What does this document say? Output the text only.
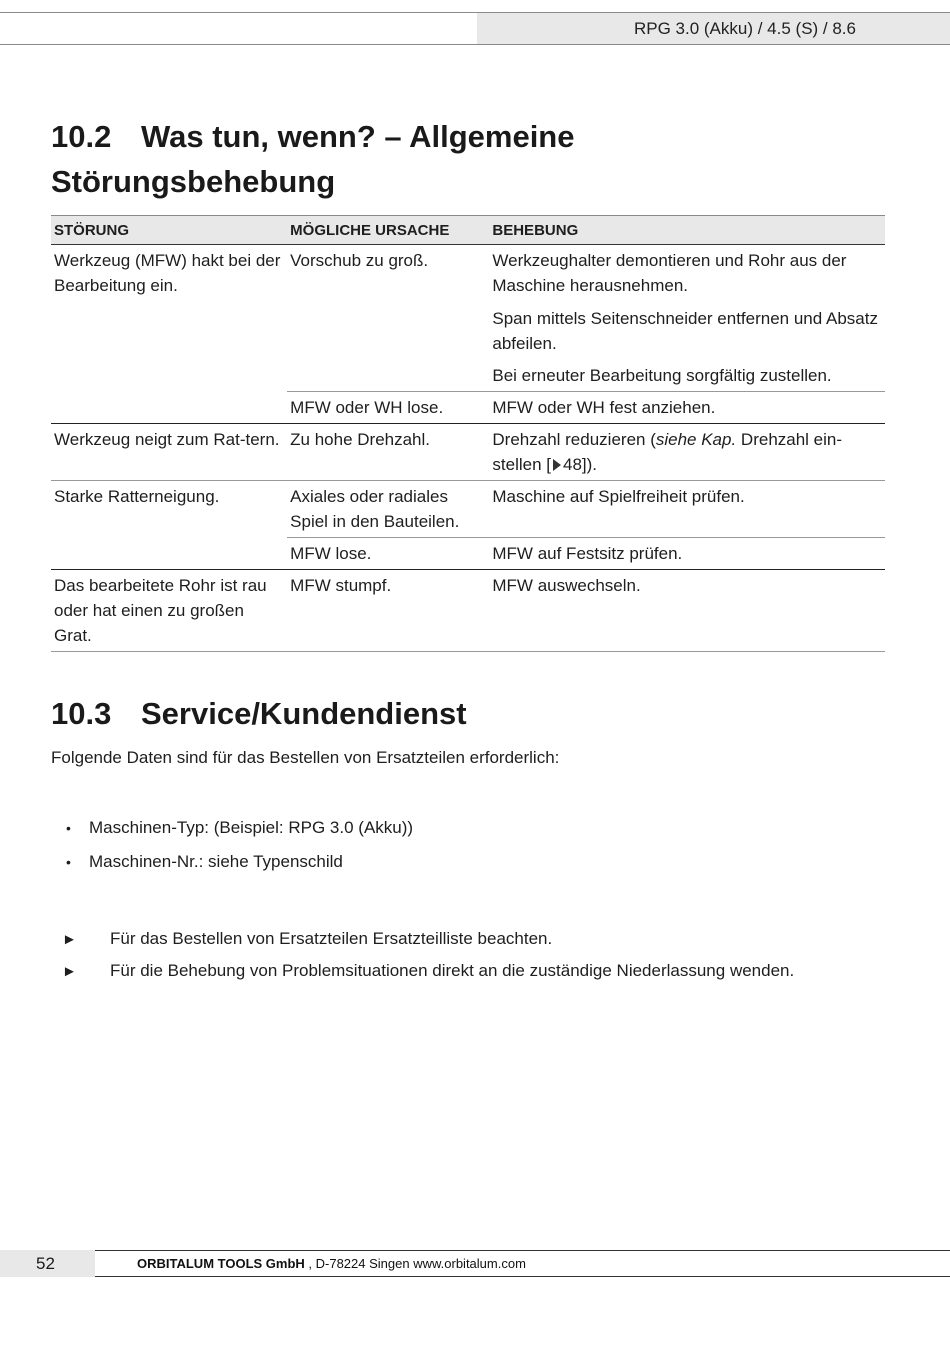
RPG 3.0 (Akku) / 4.5 (S) / 8.6
10.2 Was tun, wenn? – Allgemeine
Störungsbehebung
STÖRUNG	MÖGLICHE URSACHE	BEHEBUNG
Werkzeug (MFW) hakt bei der Bearbeitung ein.	Vorschub zu groß.	Werkzeughalter demontieren und Rohr aus der Maschine herausnehmen.
		Span mittels Seitenschneider entfernen und Absatz abfeilen.
		Bei erneuter Bearbeitung sorgfältig zustellen.
	MFW oder WH lose.	MFW oder WH fest anziehen.
Werkzeug neigt zum Rat-tern.	Zu hohe Drehzahl.	Drehzahl reduzieren (siehe Kap. Drehzahl ein-stellen [ 48]).
Starke Ratterneigung.	Axiales oder radiales Spiel in den Bauteilen.	Maschine auf Spielfreiheit prüfen.
	MFW lose.	MFW auf Festsitz prüfen.
Das bearbeitete Rohr ist rau oder hat einen zu großen Grat.	MFW stumpf.	MFW auswechseln.
10.3 Service/Kundendienst
Folgende Daten sind für das Bestellen von Ersatzteilen erforderlich:
• Maschinen-Typ: (Beispiel: RPG 3.0 (Akku))
• Maschinen-Nr.: siehe Typenschild
► Für das Bestellen von Ersatzteilen Ersatzteilliste beachten.
► Für die Behebung von Problemsituationen direkt an die zuständige Niederlassung wenden.
52	ORBITALUM TOOLS GmbH , D-78224 Singen www.orbitalum.com
